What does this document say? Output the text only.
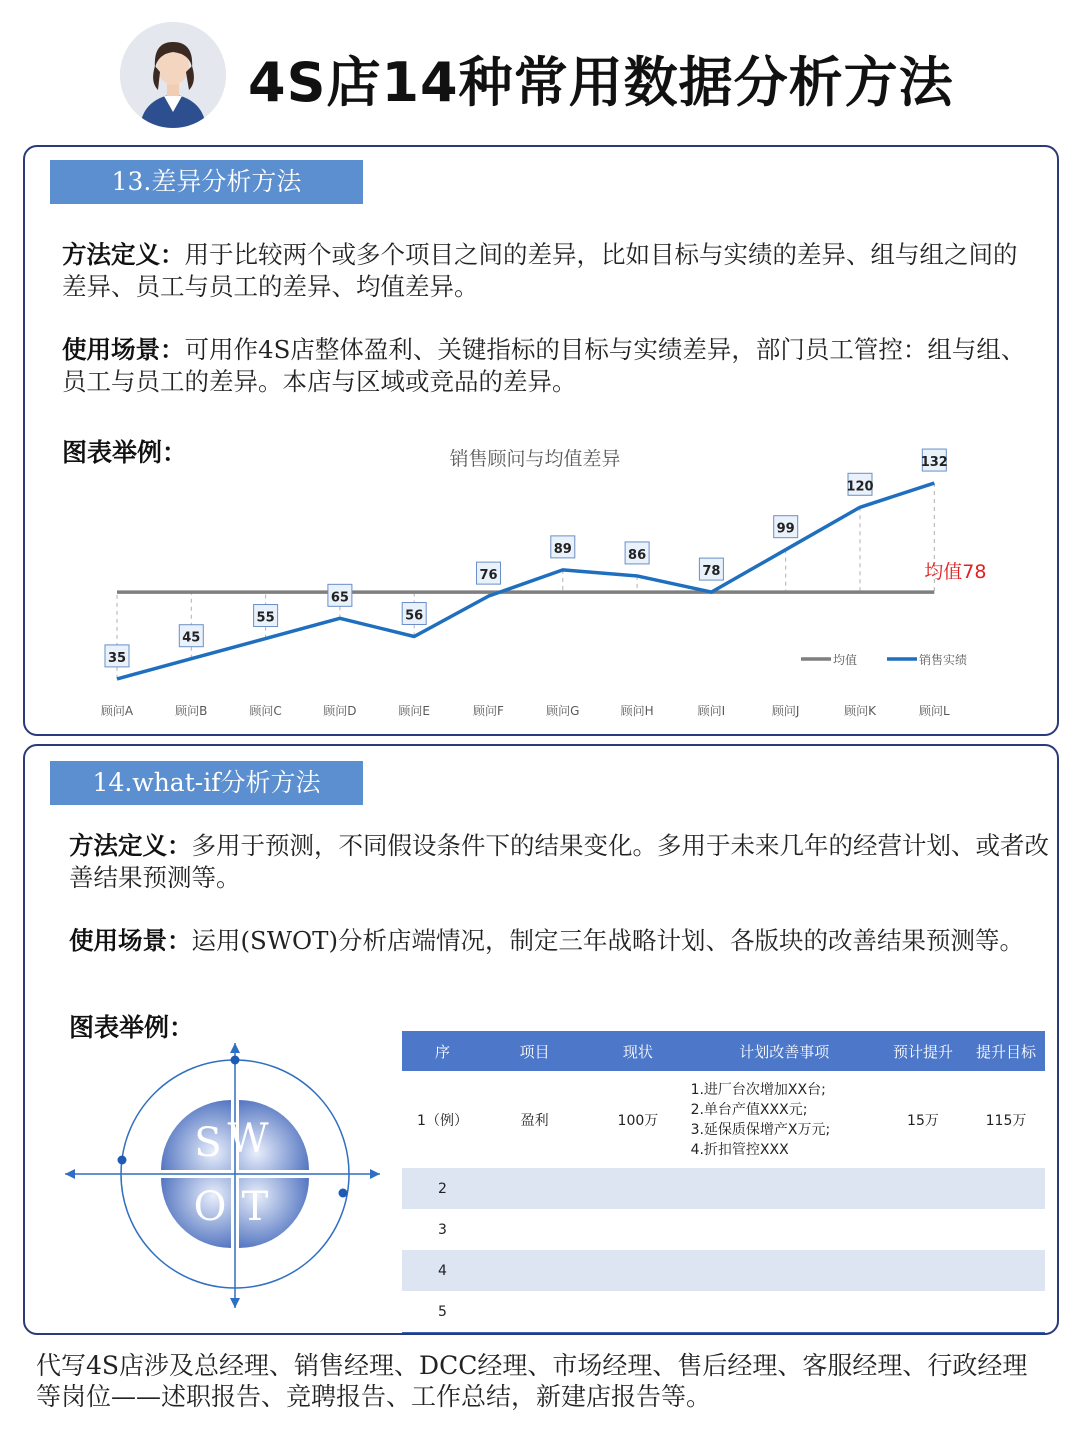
4S店14种常用数据分析方法
13.差异分析方法
方法定义：用于比较两个或多个项目之间的差异，比如目标与实绩的差异、组与组之间的差异、员工与员工的差异、均值差异。
使用场景：可用作4S店整体盈利、关键指标的目标与实绩差异，部门员工管控：组与组、员工与员工的差异。本店与区域或竞品的差异。
图表举例：	销售顾问与均值差异
35
45
55
65
56
76
89	86
78
99
120
132
均值78
顾问A	顾问B	顾问C	顾问D	顾问E	顾问F	顾问G	顾问H	顾问I	顾问J	顾问K	顾问L
均值	销售实绩
14.what-if分析方法
方法定义：多用于预测，不同假设条件下的结果变化。多用于未来几年的经营计划、或者改善结果预测等。
使用场景：运用(SWOT)分析店端情况，制定三年战略计划、各版块的改善结果预测等。
图表举例：
S W
O T
序	项目	现状	计划改善事项	预计提升	提升目标
1（例）	盈利	100万	1.进厂台次增加XX台;
2.单台产值XXX元;
3.延保质保增产X万元;
4.折扣管控XXX	15万	115万
2					
3					
4					
5					
代写4S店涉及总经理、销售经理、DCC经理、市场经理、售后经理、客服经理、行政经理等岗位——述职报告、竞聘报告、工作总结，新建店报告等。
